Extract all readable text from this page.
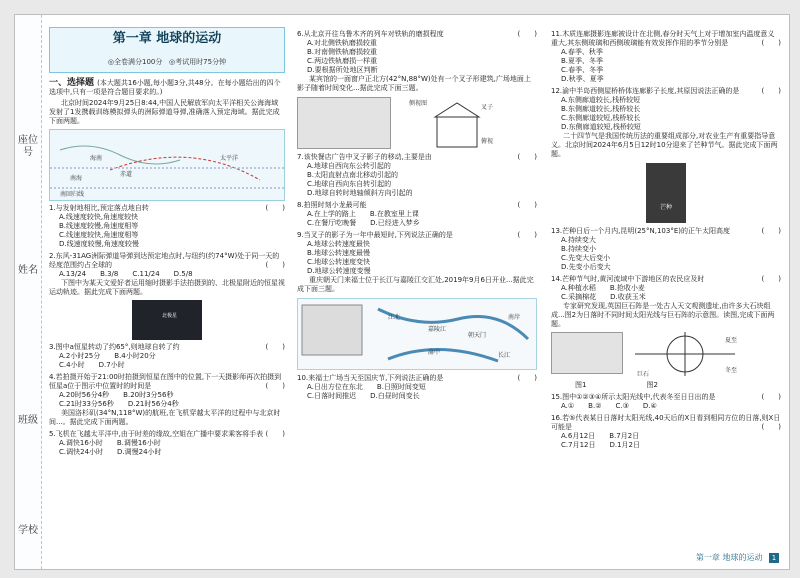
座位号
姓名
班级
学校
第一章 地球的运动
◎全卷满分100分   ◎考试用时75分钟
一、选择题 (本大题共16小题,每小题3分,共48分。在每小题给出的四个选项中,只有一项是符合题目要求的。)
北京时间2024年9月25日8:44,中国人民解放军向太平洋相关公海海域发射了1发携载训练模拟弹头的洲际弹道导弹,准确落入预定海域。据此完成下面两题。
海南
南海
南回归线
赤道
太平洋
1.与发射地相比,预定落点地自转	(　　)
A.线速度较快,角速度较快
B.线速度较慢,角速度相等
C.线速度较快,角速度相等
D.线速度较慢,角速度较慢
2.东风-31AG洲际弹道导弹到达预定地点时,与纽约(约74°W)处于同一天的经度范围约占全球的	(　　)
A.13/24 B.3/8 C.11/24 D.5/8
下图中为某天文爱好者运用缩时摄影手法拍摄到的、北极星附近的恒星视运动轨迹。据此完成下面两题。
北极星
3.图中a恒星转动了约65°,则地球自转了约	(　　)
A.2小时25分 B.4小时20分
C.4小时 D.7小时
4.若拍摄开始于21:00时拍摄到恒星在图中的位置,下一天摄影师再次拍摄到恒星a位于图示中位置时的时间是	(　　)
A.20时56分4秒 B.20时3分56秒
C.21时33分56秒 D.21时56分4秒
美国洛杉矶(34°N,118°W)的航班,在飞机穿越太平洋的过程中与北京时间...。据此完成下面两题。
5.飞机在飞越太平洋中,由于时差的缘故,空姐在广播中要求乘客将手表 (　　)
A.调快16小时 B.调慢16小时
C.调快24小时 D.调慢24小时
6.从北京开往乌鲁木齐的列车对铁轨的磨损程度	(　　)
A.对北侧铁轨磨损较重
B.对南侧铁轨磨损较重
C.两边铁轨磨损一样重
D.要根据所处地区判断
某宾馆的一面窗户正北方(42°N,88°W)处有一个叉子形建筑,广场地面上影子随着时间变化...据此完成下面三题。
侧视图
叉子
俯视
7.该快餐店广告中叉子影子的移动,主要是由	(　　)
A.地球自西向东公转引起的
B.太阳直射点南北移动引起的
C.地球自西向东自转引起的
D.地球自转时地轴倾斜方向引起的
8.拍照时刻小龙最可能	(　　)
A.在上学的路上 B.在教室里上课
C.在餐厅吃晚餐 D.已经进入梦乡
9.当叉子的影子为一年中最短时,下列说法正确的是	(　　)
A.地球公转速度最快
B.地球公转速度最慢
C.地球公转速度变快
D.地球公转速度变慢
重庆朝天门来福士位于长江与嘉陵江交汇处,2019年9月6日开业...据此完成下面三题。
江北
嘉陵江
朝天门
长江
渝中
南岸
10.来福士广场当天至国庆节,下列说法正确的是	(　　)
A.日出方位在东北 B.日照时间变短
C.日落时间推迟 D.白昼时间变长
11.木质连廊摄影连廊被设计在北侧,春分时天气上对于增加室内温度意义重大,其东侧玻璃和西侧玻璃能有效发挥作用的季节分别是	(　　)
A.春季、秋季
B.夏季、冬季
C.春季、冬季
D.秋季、夏季
12.渝中半岛西侧屋桥桥体连廊影子长度,其原因说法正确的是	(　　)
A.东侧廊道较长,栈桥较短
B.东侧廊道较长,栈桥较长
C.东侧廊道较短,栈桥较长
D.东侧廊道较短,栈桥较短
二十四节气是我国传统历法的重要组成部分,对农业生产有重要指导意义。北京时间2024年6月5日12时10分迎来了芒种节气。据此完成下面两题。
芒种
13.芒种日后一个月内,昆明(25°N,103°E)的正午太阳高度	(　　)
A.持续变大
B.持续变小
C.先变大后变小
D.先变小后变大
14.芒种节气时,黄河流域中下游地区的农民应及时	(　　)
A.种植水稻 B.抢收小麦
C.采摘棉花 D.收获玉米
专家研究发现,英国巨石阵是一处古人天文观测遗址,由许多大石块组成...图2为日落时不同时间太阳光线与巨石阵的示意图。读图,完成下面两题。
夏至
冬至
巨石
图1	图2
15.图中①②③④所示太阳光线中,代表冬至日日出的是	(　　)
A.① B.② C.③ D.④
16.若⑤代表某日日落时太阳光线,40天后的X日看到相同方位的日落,则X日可能是	(　　)
A.6月12日 B.7月2日
C.7月12日 D.1月2日
第一章 地球的运动 1
